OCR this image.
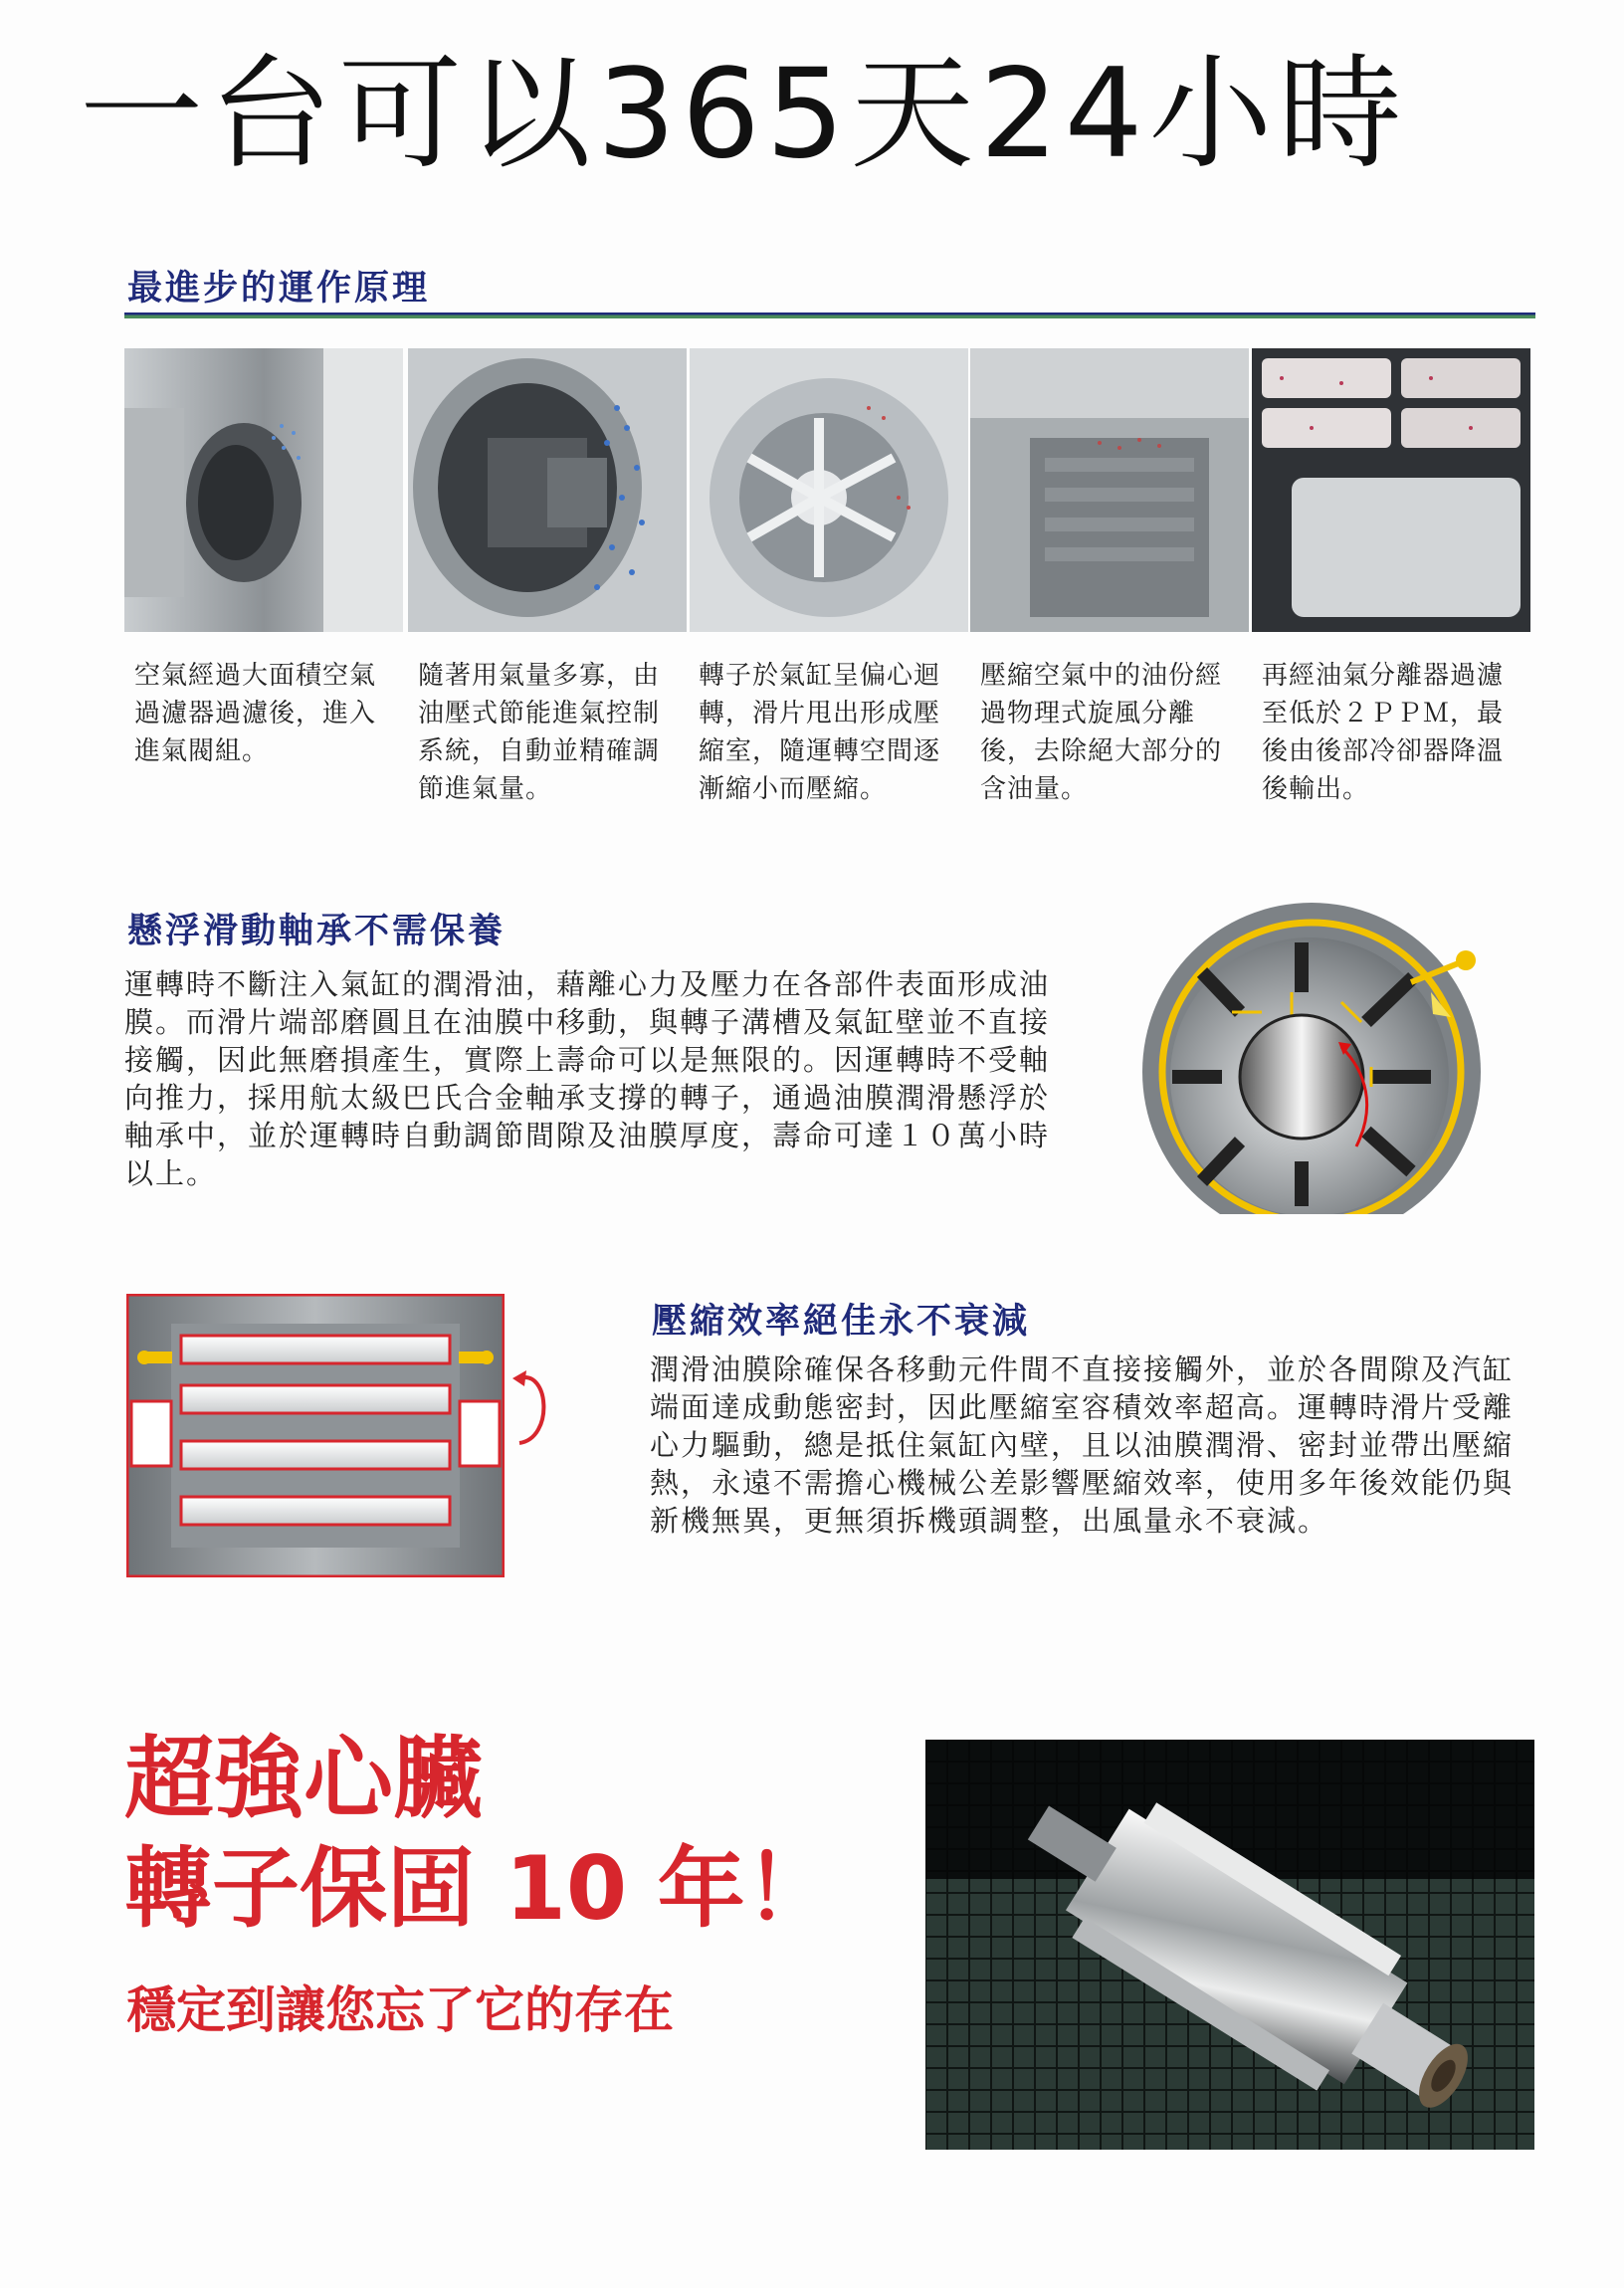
一台可以365天24小時
最進步的運作原理
空氣經過大面積空氣過濾器過濾後，進入進氣閥組。
隨著用氣量多寡，由油壓式節能進氣控制系統，自動並精確調節進氣量。
轉子於氣缸呈偏心迴轉，滑片甩出形成壓縮室，隨運轉空間逐漸縮小而壓縮。
壓縮空氣中的油份經過物理式旋風分離後，去除絕大部分的含油量。
再經油氣分離器過濾至低於２ＰＰＭ，最後由後部冷卻器降溫後輸出。
懸浮滑動軸承不需保養
運轉時不斷注入氣缸的潤滑油，藉離心力及壓力在各部件表面形成油膜。而滑片端部磨圓且在油膜中移動，與轉子溝槽及氣缸壁並不直接接觸，因此無磨損產生，實際上壽命可以是無限的。因運轉時不受軸向推力，採用航太級巴氏合金軸承支撐的轉子，通過油膜潤滑懸浮於軸承中，並於運轉時自動調節間隙及油膜厚度，壽命可達１０萬小時以上。
壓縮效率絕佳永不衰減
潤滑油膜除確保各移動元件間不直接接觸外，並於各間隙及汽缸端面達成動態密封，因此壓縮室容積效率超高。運轉時滑片受離心力驅動，總是抵住氣缸內壁，且以油膜潤滑、密封並帶出壓縮熱，永遠不需擔心機械公差影響壓縮效率，使用多年後效能仍與新機無異，更無須拆機頭調整，出風量永不衰減。
超強心臟
轉子保固 10 年！
穩定到讓您忘了它的存在
